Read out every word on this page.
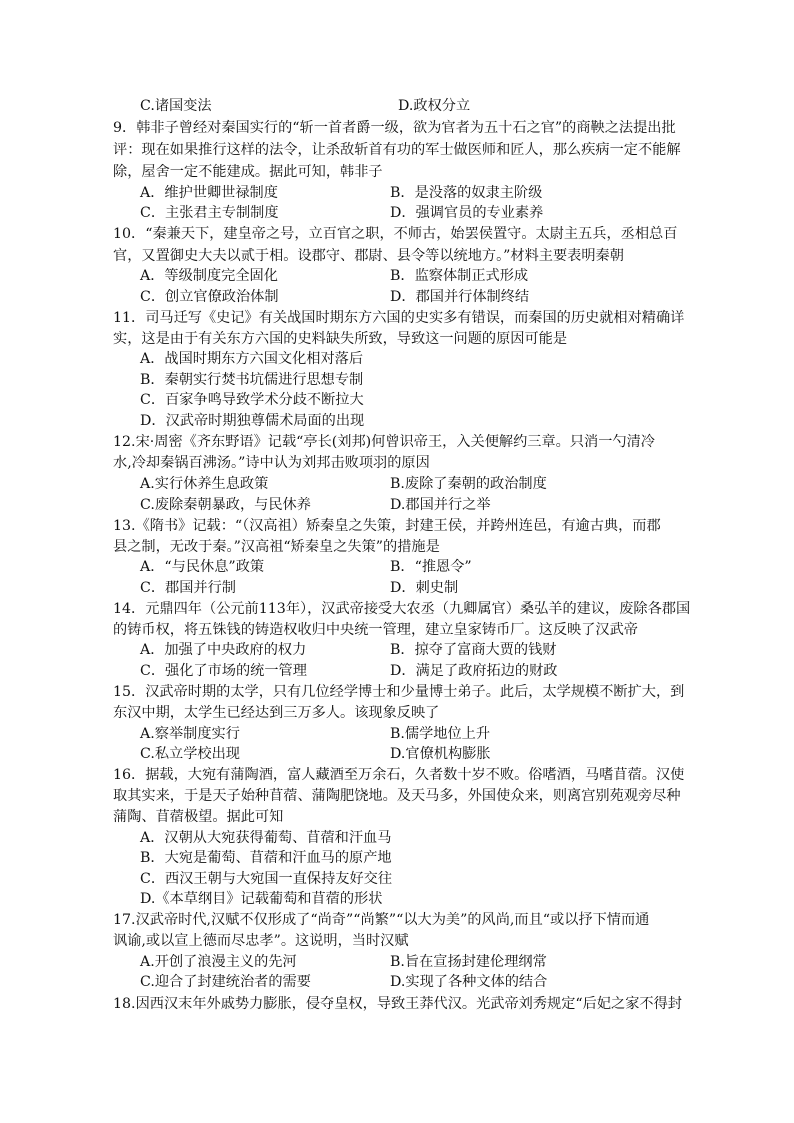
C.诸国变法	D.政权分立
9．韩非子曾经对秦国实行的“斩一首者爵一级，欲为官者为五十石之官”的商鞅之法提出批
评：现在如果推行这样的法令，让杀敌斩首有功的军士做医师和匠人，那么疾病一定不能解
除，屋舍一定不能建成。据此可知，韩非子
A．维护世卿世禄制度	B．是没落的奴隶主阶级
C．主张君主专制制度	D．强调官员的专业素养
10．“秦兼天下，建皇帝之号，立百官之职，不师古，始罢侯置守。太尉主五兵，丞相总百
官，又置御史大夫以贰于相。设郡守、郡尉、县令等以统地方。”材料主要表明秦朝
A．等级制度完全固化	B．监察体制正式形成
C．创立官僚政治体制	D．郡国并行体制终结
11．司马迁写《史记》有关战国时期东方六国的史实多有错误，而秦国的历史就相对精确详
实，这是由于有关东方六国的史料缺失所致，导致这一问题的原因可能是
A．战国时期东方六国文化相对落后
B．秦朝实行焚书坑儒进行思想专制
C．百家争鸣导致学术分歧不断拉大
D．汉武帝时期独尊儒术局面的出现
12.宋·周密《齐东野语》记载“亭长(刘邦)何曾识帝王，入关便解约三章。只消一勺清冷
水,冷却秦锅百沸汤。”诗中认为刘邦击败项羽的原因
A.实行休养生息政策	B.废除了秦朝的政治制度
C.废除秦朝暴政，与民休养	D.郡国并行之举
13.《隋书》记载：“（汉高祖）矫秦皇之失策，封建王侯，并跨州连邑，有逾古典，而郡
县之制，无改于秦。”汉高祖“矫秦皇之失策”的措施是
A．“与民休息”政策	B．“推恩令”
C．郡国并行制	D．刺史制
14．元鼎四年（公元前113年），汉武帝接受大农丞（九卿属官）桑弘羊的建议，废除各郡国
的铸币权，将五铢钱的铸造权收归中央统一管理，建立皇家铸币厂。这反映了汉武帝
A．加强了中央政府的权力	B．掠夺了富商大贾的钱财
C．强化了市场的统一管理	D．满足了政府拓边的财政
15．汉武帝时期的太学，只有几位经学博士和少量博士弟子。此后，太学规模不断扩大，到
东汉中期，太学生已经达到三万多人。该现象反映了
A.察举制度实行	B.儒学地位上升
C.私立学校出现	D.官僚机构膨胀
16．据载，大宛有蒲陶酒，富人藏酒至万余石，久者数十岁不败。俗嗜酒，马嗜苜蓿。汉使
取其实来，于是天子始种苜蓿、蒲陶肥饶地。及天马多，外国使众来，则离宫别苑观旁尽种
蒲陶、苜蓿极望。据此可知
A．汉朝从大宛获得葡萄、苜蓿和汗血马
B．大宛是葡萄、苜蓿和汗血马的原产地
C．西汉王朝与大宛国一直保持友好交往
D.《本草纲目》记载葡萄和苜蓿的形状
17.汉武帝时代,汉赋不仅形成了“尚奇”“尚繁”“以大为美”的风尚,而且“或以抒下情而通
讽谕,或以宣上德而尽忠孝”。这说明，当时汉赋
A.开创了浪漫主义的先河	B.旨在宣扬封建伦理纲常
C.迎合了封建统治者的需要	D.实现了各种文体的结合
18.因西汉末年外戚势力膨胀，侵夺皇权，导致王莽代汉。光武帝刘秀规定“后妃之家不得封
